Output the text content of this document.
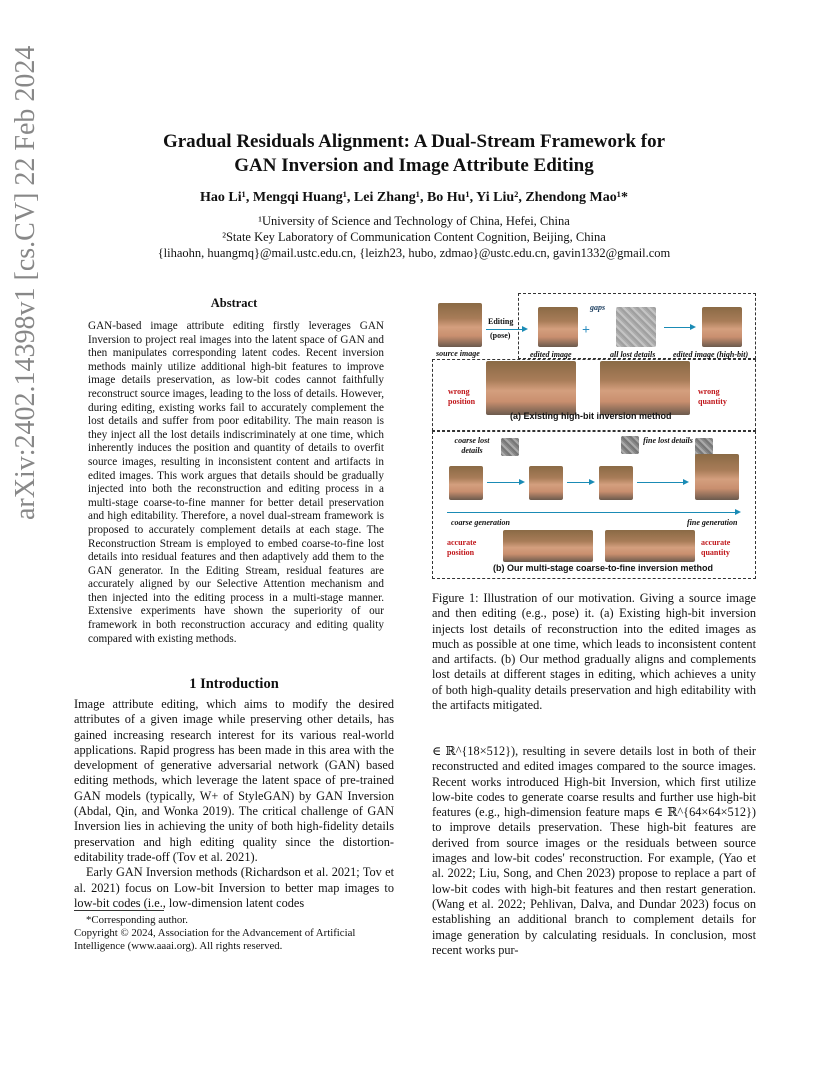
arXiv:2402.14398v1 [cs.CV] 22 Feb 2024	Gradual Residuals Alignment: A Dual-Stream Framework for
GAN Inversion and Image Attribute Editing
Hao Li¹, Mengqi Huang¹, Lei Zhang¹, Bo Hu¹, Yi Liu², Zhendong Mao¹*
¹University of Science and Technology of China, Hefei, China
²State Key Laboratory of Communication Content Cognition, Beijing, China
{lihaohn, huangmq}@mail.ustc.edu.cn, {leizh23, hubo, zdmao}@ustc.edu.cn, gavin1332@gmail.com
Abstract
GAN-based image attribute editing firstly leverages GAN Inversion to project real images into the latent space of GAN and then manipulates corresponding latent codes. Recent inversion methods mainly utilize additional high-bit features to improve image details preservation, as low-bit codes cannot faithfully reconstruct source images, leading to the loss of details. However, during editing, existing works fail to accurately complement the lost details and suffer from poor editability. The main reason is they inject all the lost details indiscriminately at one time, which inherently induces the position and quantity of details to overfit source images, resulting in inconsistent content and artifacts in edited images. This work argues that details should be gradually injected into both the reconstruction and editing process in a multi-stage coarse-to-fine manner for better detail preservation and high editability. Therefore, a novel dual-stream framework is proposed to accurately complement details at each stage. The Reconstruction Stream is employed to embed coarse-to-fine lost details into residual features and then adaptively add them to the GAN generator. In the Editing Stream, residual features are accurately aligned by our Selective Attention mechanism and then injected into the editing process in a multi-stage manner. Extensive experiments have shown the superiority of our framework in both reconstruction accuracy and editing quality compared with existing methods.
1 Introduction

Image attribute editing, which aims to modify the desired attributes of a given image while preserving other details, has gained increasing research interest for its various real-world applications. Rapid progress has been made in this area with the development of generative adversarial network (GAN) based editing methods, which leverage the latent space of pre-trained GAN models (typically, W+ of StyleGAN) by GAN Inversion (Abdal, Qin, and Wonka 2019). The critical challenge of GAN Inversion lies in achieving the unity of both high-fidelity details preservation and high editing quality since the distortion-editability trade-off (Tov et al. 2021).

Early GAN Inversion methods (Richardson et al. 2021; Tov et al. 2021) focus on Low-bit Inversion to better map images to low-bit codes (i.e., low-dimension latent codes

*Corresponding author.
Copyright © 2024, Association for the Advancement of Artificial Intelligence (www.aaai.org). All rights reserved.
source image
Editing
(pose)
edited image
gaps
+
all lost details edited image (high-bit)
wrong position
wrong quantity
(a) Existing high-bit inversion method
coarse lost details
fine lost details
coarse generation	fine generation
accurate position
accurate quantity
(b) Our multi-stage coarse-to-fine inversion method
Figure 1: Illustration of our motivation. Giving a source image and then editing (e.g., pose) it. (a) Existing high-bit inversion injects lost details of reconstruction into the edited images as much as possible at one time, which leads to inconsistent content and artifacts. (b) Our method gradually aligns and complements lost details at different stages in editing, which achieves a unity of both high-quality details preservation and high editability with the artifacts mitigated.
∈ ℝ^{18×512}), resulting in severe details lost in both of their reconstructed and edited images compared to the source images. Recent works introduced High-bit Inversion, which first utilize low-bite codes to generate coarse results and further use high-bit features (e.g., high-dimension feature maps ∈ ℝ^{64×64×512}) to improve details preservation. These high-bit features are derived from source images or the residuals between source images and low-bit codes' reconstruction. For example, (Yao et al. 2022; Liu, Song, and Chen 2023) propose to replace a part of low-bit codes with high-bit features and then restart generation. (Wang et al. 2022; Pehlivan, Dalva, and Dundar 2023) focus on establishing an additional branch to complement details for image generation by calculating residuals. In conclusion, most recent works pur-
